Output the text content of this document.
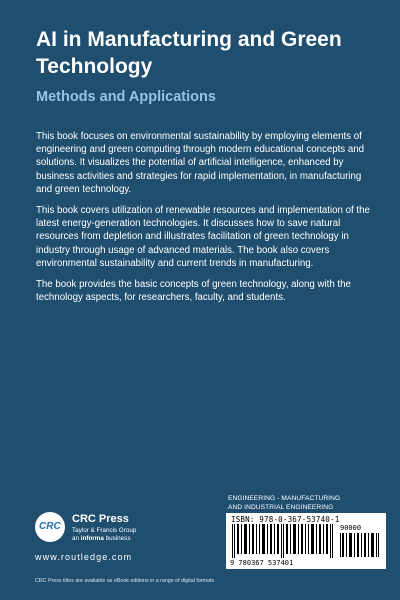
AI in Manufacturing and Green Technology
Methods and Applications

This book focuses on environmental sustainability by employing elements of engineering and green computing through modern educational concepts and solutions. It visualizes the potential of artificial intelligence, enhanced by business activities and strategies for rapid implementation, in manufacturing and green technology.

This book covers utilization of renewable resources and implementation of the latest energy-generation technologies. It discusses how to save natural resources from depletion and illustrates facilitation of green technology in industry through usage of advanced materials. The book also covers environmental sustainability and current trends in manufacturing.

The book provides the basic concepts of green technology, along with the technology aspects, for researchers, faculty, and students.

ENGINEERING - MANUFACTURING
AND INDUSTRIAL ENGINEERING
ISBN: 978-0-367-53740-1
90000
9 780367 537401
CRC
CRC Press
Taylor & Francis Group
an informa business
www.routledge.com
CRC Press titles are available as eBook editions in a range of digital formats
